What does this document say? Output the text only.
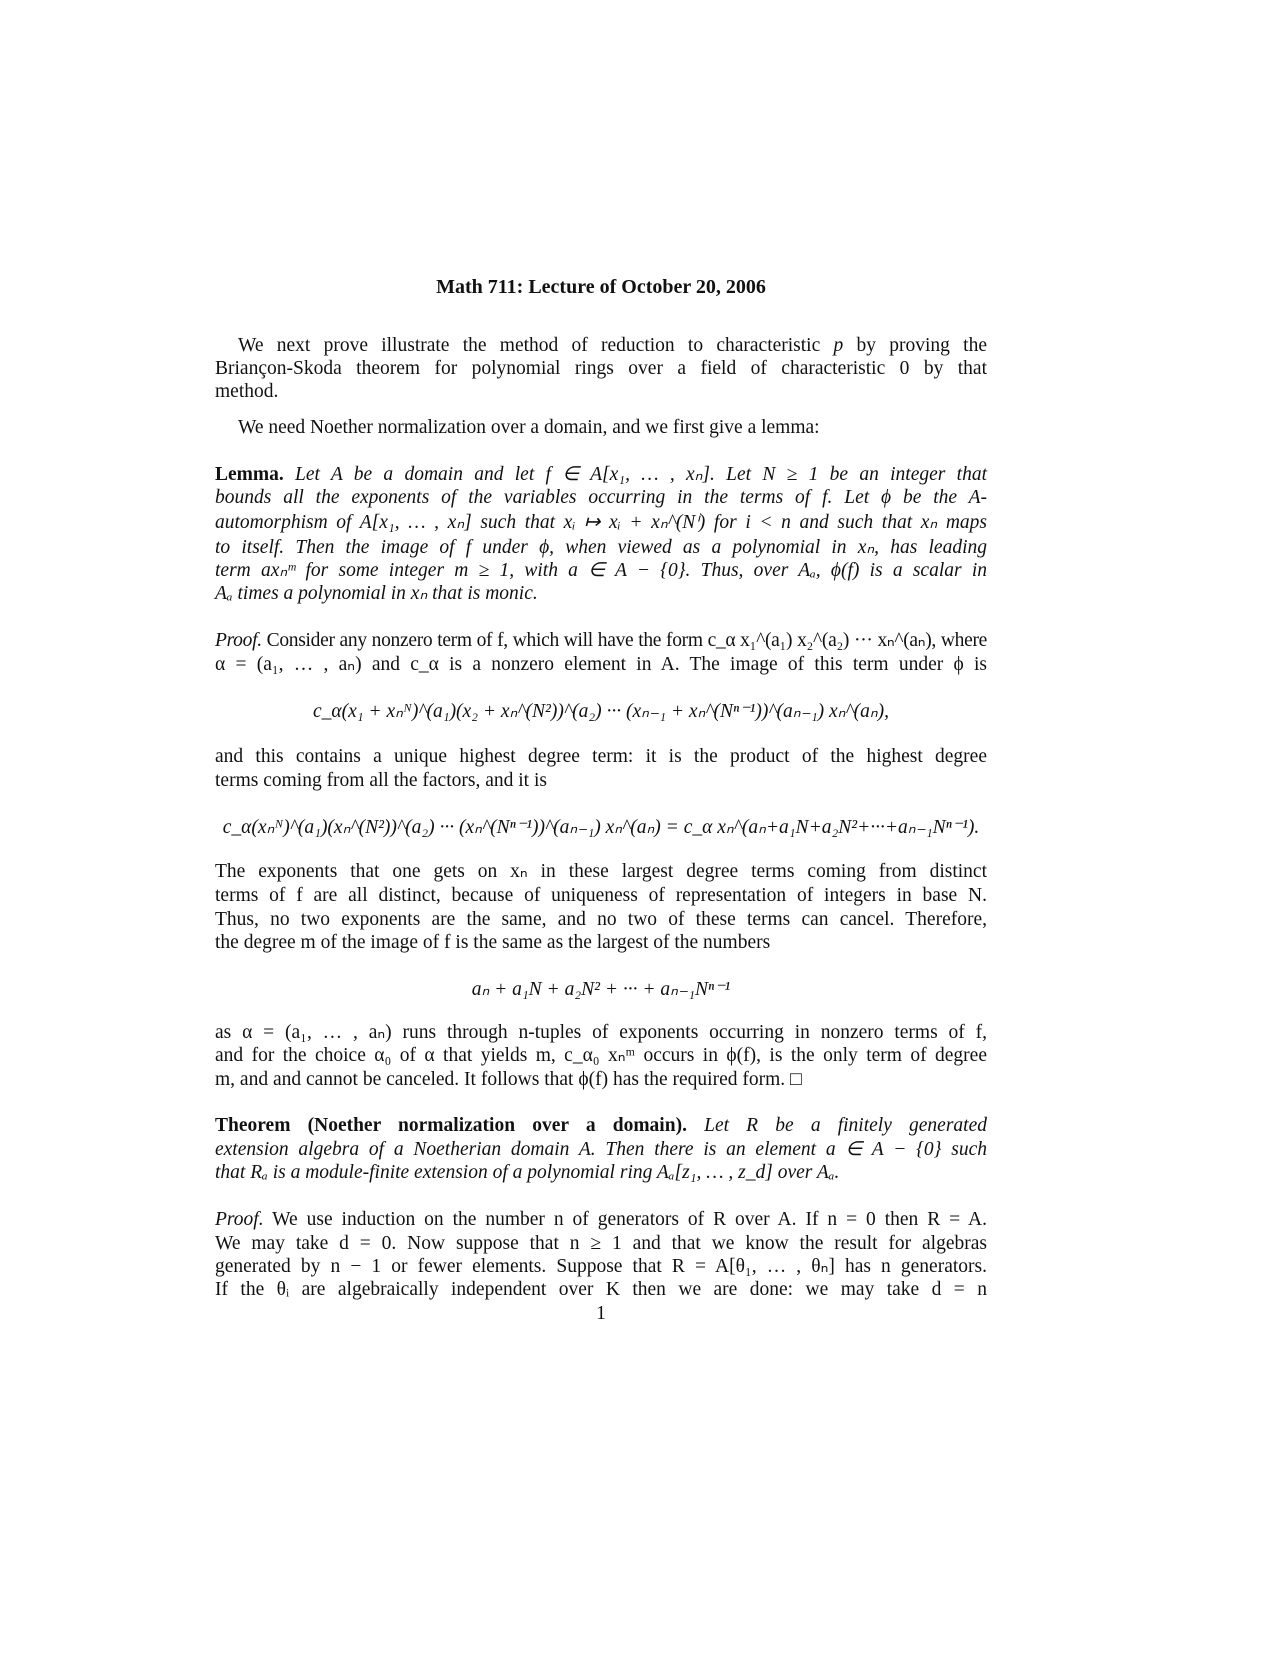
Math 711: Lecture of October 20, 2006
We next prove illustrate the method of reduction to characteristic p by proving the
Briançon-Skoda theorem for polynomial rings over a field of characteristic 0 by that
method.
We need Noether normalization over a domain, and we first give a lemma:
Lemma. Let A be a domain and let f ∈ A[x₁, … , xₙ]. Let N ≥ 1 be an integer that
bounds all the exponents of the variables occurring in the terms of f. Let ϕ be the A-
automorphism of A[x₁, … , xₙ] such that xᵢ ↦ xᵢ + xₙ^(Nⁱ) for i < n and such that xₙ maps
to itself. Then the image of f under ϕ, when viewed as a polynomial in xₙ, has leading
term axₙᵐ for some integer m ≥ 1, with a ∈ A − {0}. Thus, over Aₐ, ϕ(f) is a scalar in
Aₐ times a polynomial in xₙ that is monic.
Proof. Consider any nonzero term of f, which will have the form c_α x₁^(a₁) x₂^(a₂) ··· xₙ^(aₙ), where
α = (a₁, … , aₙ) and c_α is a nonzero element in A. The image of this term under ϕ is
c_α(x₁ + xₙᴺ)^(a₁)(x₂ + xₙ^(N²))^(a₂) ··· (xₙ₋₁ + xₙ^(Nⁿ⁻¹))^(aₙ₋₁) xₙ^(aₙ),
and this contains a unique highest degree term: it is the product of the highest degree
terms coming from all the factors, and it is
c_α(xₙᴺ)^(a₁)(xₙ^(N²))^(a₂) ··· (xₙ^(Nⁿ⁻¹))^(aₙ₋₁) xₙ^(aₙ) = c_α xₙ^(aₙ+a₁N+a₂N²+···+aₙ₋₁Nⁿ⁻¹).
The exponents that one gets on xₙ in these largest degree terms coming from distinct
terms of f are all distinct, because of uniqueness of representation of integers in base N.
Thus, no two exponents are the same, and no two of these terms can cancel. Therefore,
the degree m of the image of f is the same as the largest of the numbers
aₙ + a₁N + a₂N² + ··· + aₙ₋₁Nⁿ⁻¹
as α = (a₁, … , aₙ) runs through n-tuples of exponents occurring in nonzero terms of f,
and for the choice α₀ of α that yields m, c_α₀ xₙᵐ occurs in ϕ(f), is the only term of degree
m, and and cannot be canceled. It follows that ϕ(f) has the required form. □
Theorem (Noether normalization over a domain). Let R be a finitely generated
extension algebra of a Noetherian domain A. Then there is an element a ∈ A − {0} such
that Rₐ is a module-finite extension of a polynomial ring Aₐ[z₁, … , z_d] over Aₐ.
Proof. We use induction on the number n of generators of R over A. If n = 0 then R = A.
We may take d = 0. Now suppose that n ≥ 1 and that we know the result for algebras
generated by n − 1 or fewer elements. Suppose that R = A[θ₁, … , θₙ] has n generators.
If the θᵢ are algebraically independent over K then we are done: we may take d = n
1
